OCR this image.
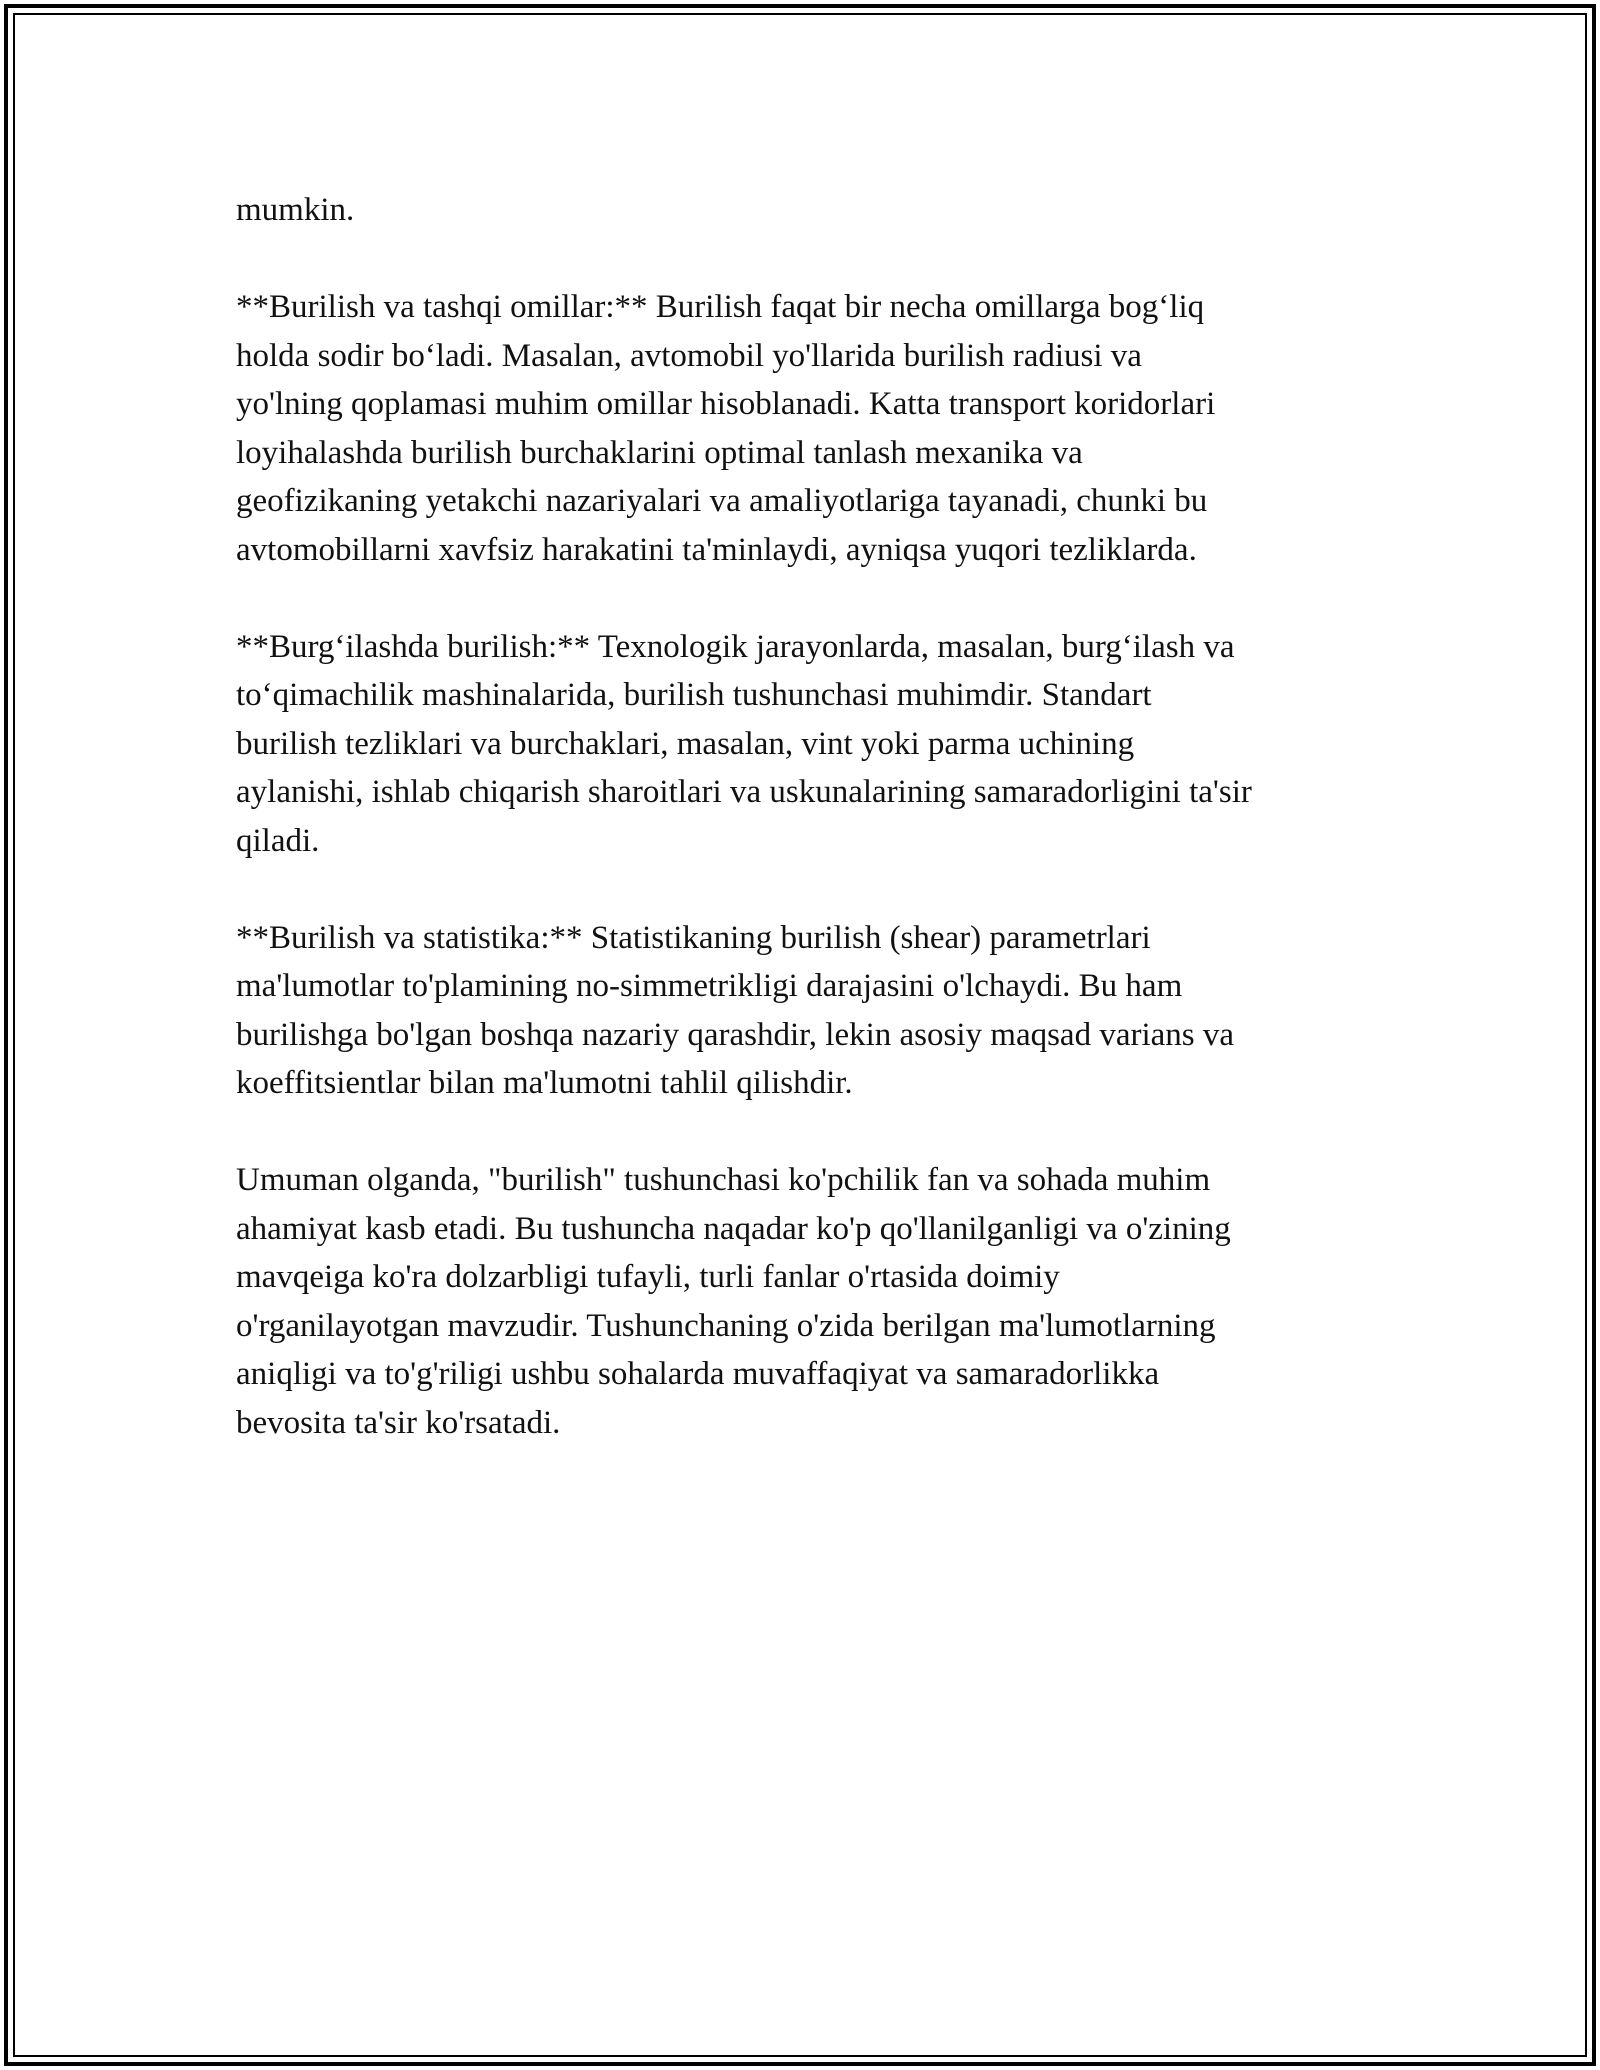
mumkin.

**Burilish va tashqi omillar:** Burilish faqat bir necha omillarga bog‘liq
holda sodir bo‘ladi. Masalan, avtomobil yo'llarida burilish radiusi va
yo'lning qoplamasi muhim omillar hisoblanadi. Katta transport koridorlari
loyihalashda burilish burchaklarini optimal tanlash mexanika va
geofizikaning yetakchi nazariyalari va amaliyotlariga tayanadi, chunki bu
avtomobillarni xavfsiz harakatini ta'minlaydi, ayniqsa yuqori tezliklarda.

**Burg‘ilashda burilish:** Texnologik jarayonlarda, masalan, burg‘ilash va
to‘qimachilik mashinalarida, burilish tushunchasi muhimdir. Standart
burilish tezliklari va burchaklari, masalan, vint yoki parma uchining
aylanishi, ishlab chiqarish sharoitlari va uskunalarining samaradorligini ta'sir
qiladi.

**Burilish va statistika:** Statistikaning burilish (shear) parametrlari
ma'lumotlar to'plamining no-simmetrikligi darajasini o'lchaydi. Bu ham
burilishga bo'lgan boshqa nazariy qarashdir, lekin asosiy maqsad varians va
koeffitsientlar bilan ma'lumotni tahlil qilishdir.

Umuman olganda, "burilish" tushunchasi ko'pchilik fan va sohada muhim
ahamiyat kasb etadi. Bu tushuncha naqadar ko'p qo'llanilganligi va o'zining
mavqeiga ko'ra dolzarbligi tufayli, turli fanlar o'rtasida doimiy
o'rganilayotgan mavzudir. Tushunchaning o'zida berilgan ma'lumotlarning
aniqligi va to'g'riligi ushbu sohalarda muvaffaqiyat va samaradorlikka
bevosita ta'sir ko'rsatadi.
